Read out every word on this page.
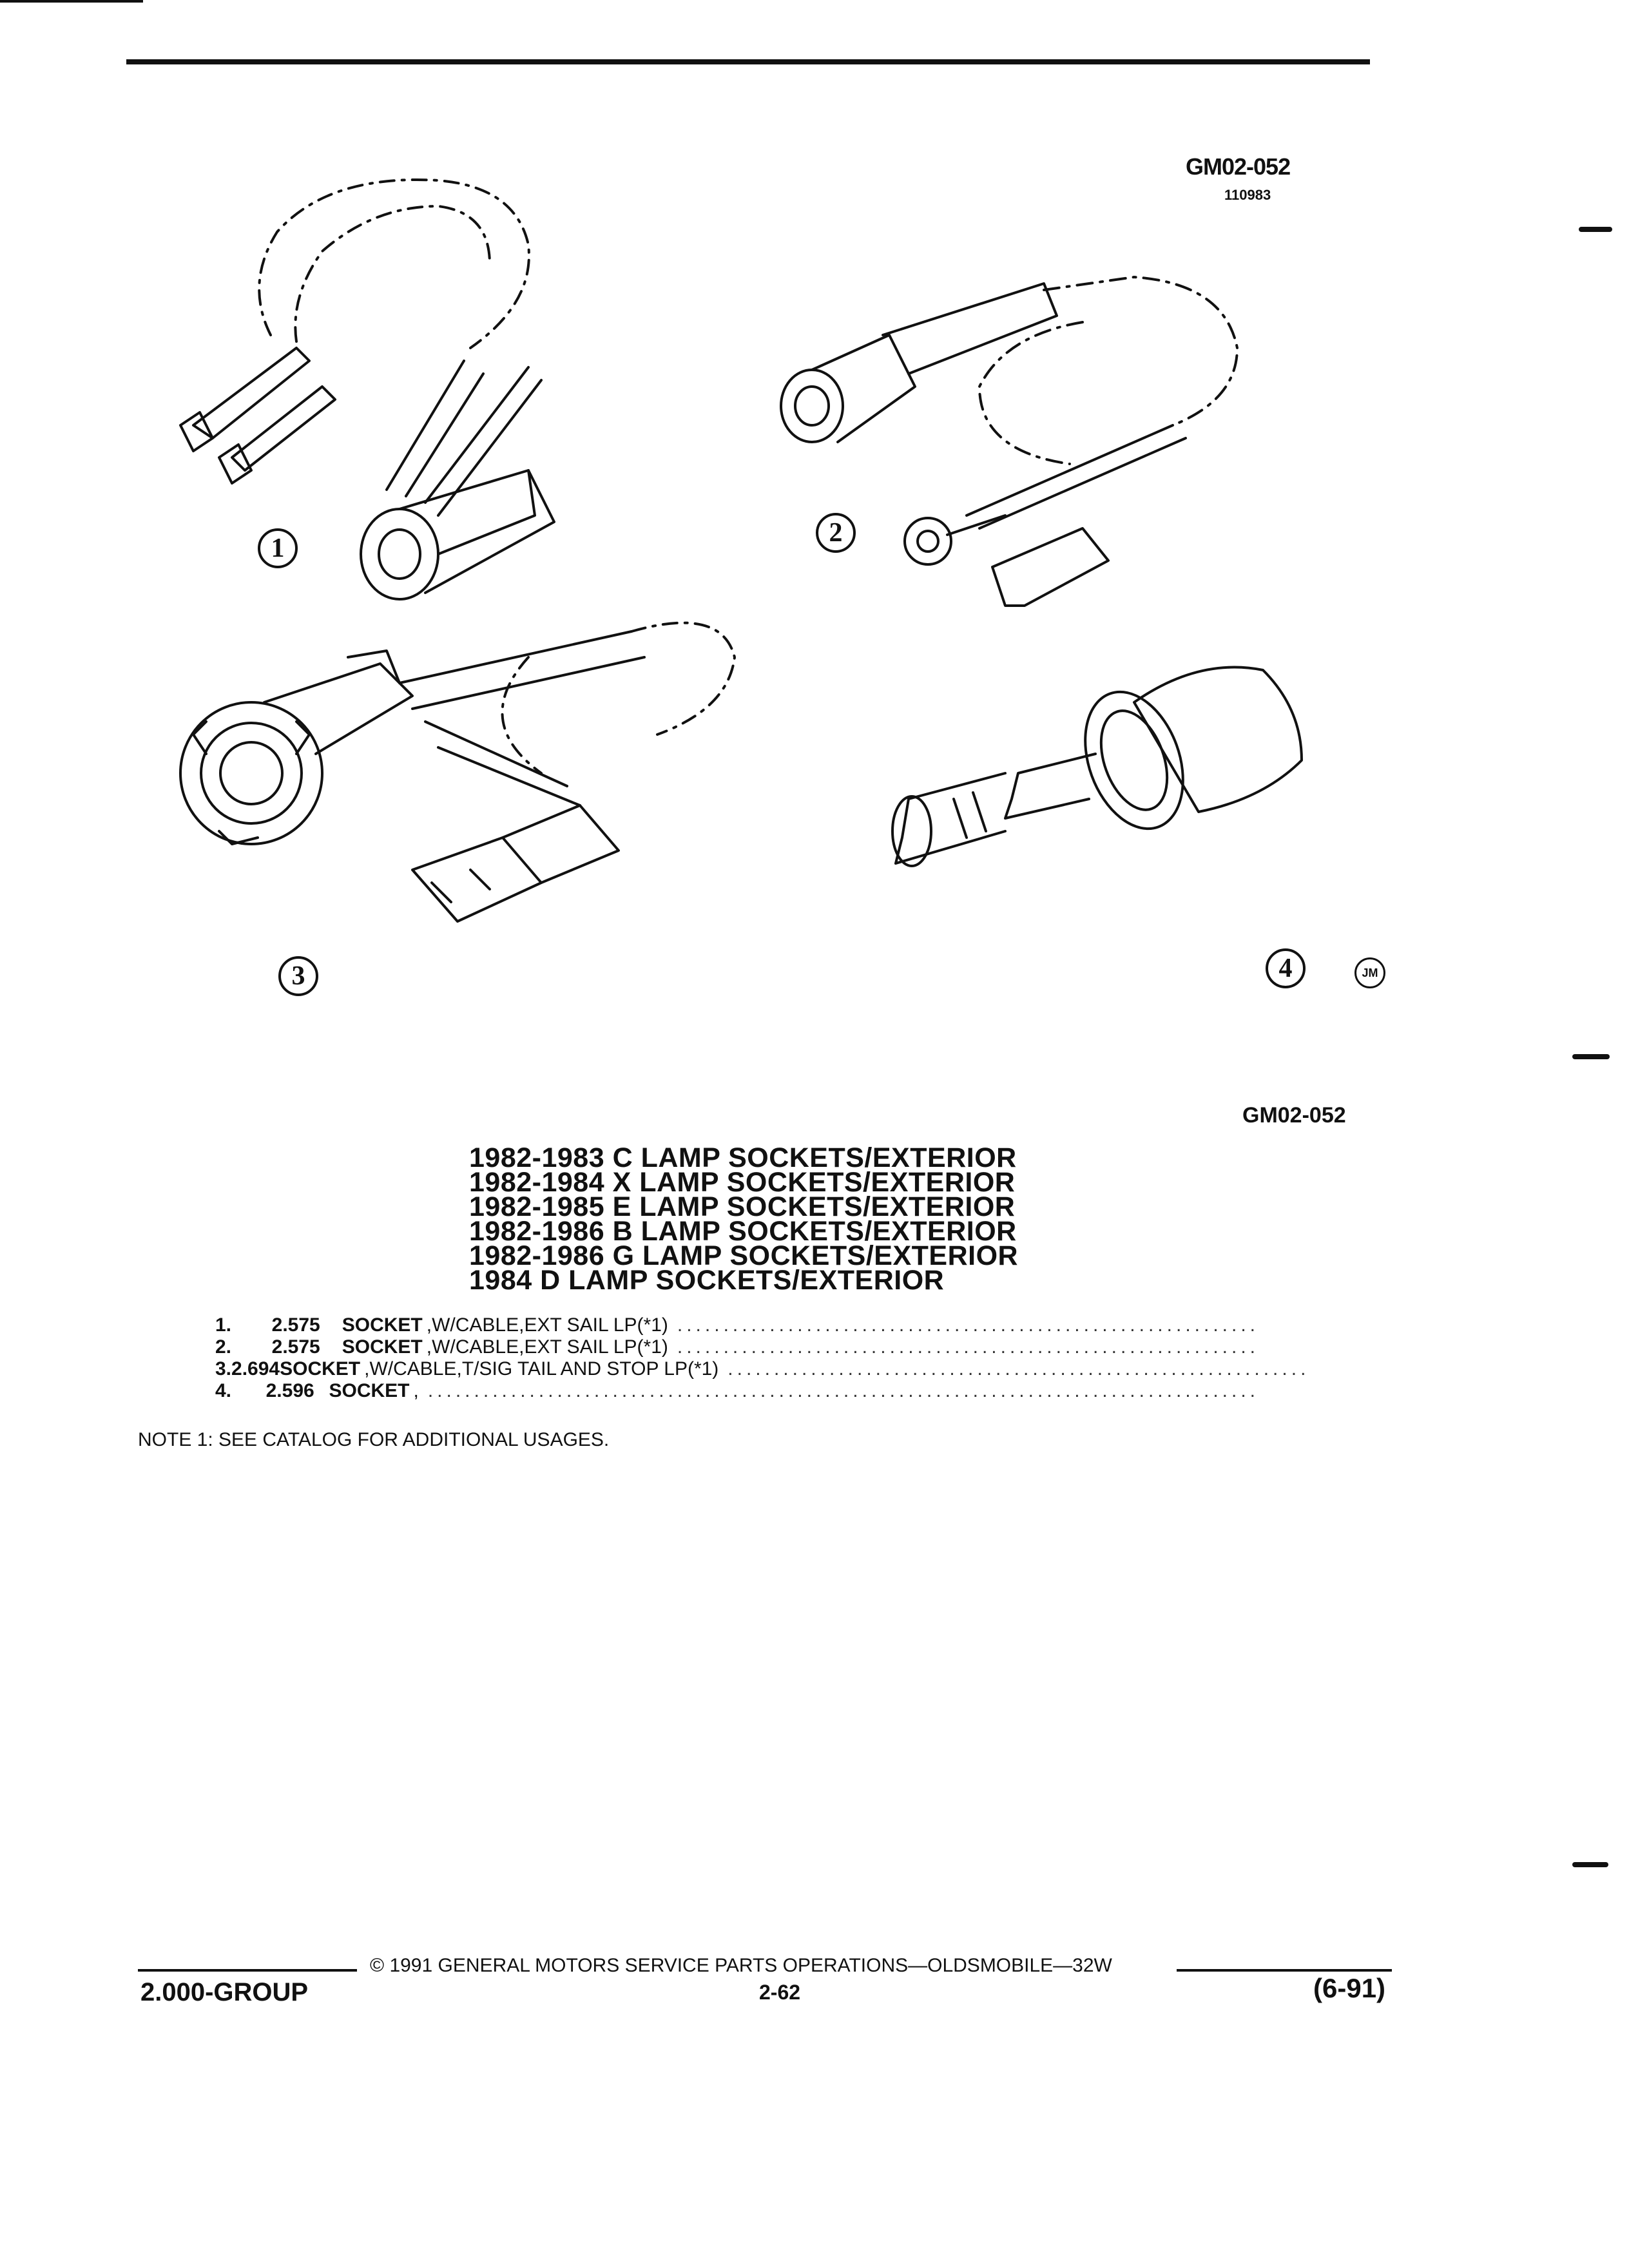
GM02-052
110983
1
2
3	4	JM
GM02-052
1982-1983 C LAMP SOCKETS/EXTERIOR
1982-1984 X LAMP SOCKETS/EXTERIOR
1982-1985 E LAMP SOCKETS/EXTERIOR
1982-1986 B LAMP SOCKETS/EXTERIOR
1982-1986 G LAMP SOCKETS/EXTERIOR
1984 D LAMP SOCKETS/EXTERIOR
1.	2.575	SOCKET ,W/CABLE,EXT SAIL LP(*1) ...............................................................
2.	2.575	SOCKET ,W/CABLE,EXT SAIL LP(*1) ...............................................................
3. 2.694 SOCKET ,W/CABLE,T/SIG TAIL AND STOP LP(*1) ...............................................................
4.	2.596 SOCKET , ..........................................................................................
NOTE 1: SEE CATALOG FOR ADDITIONAL USAGES.
© 1991 GENERAL MOTORS SERVICE PARTS OPERATIONS—OLDSMOBILE—32W
2.000-GROUP	2-62	(6-91)
